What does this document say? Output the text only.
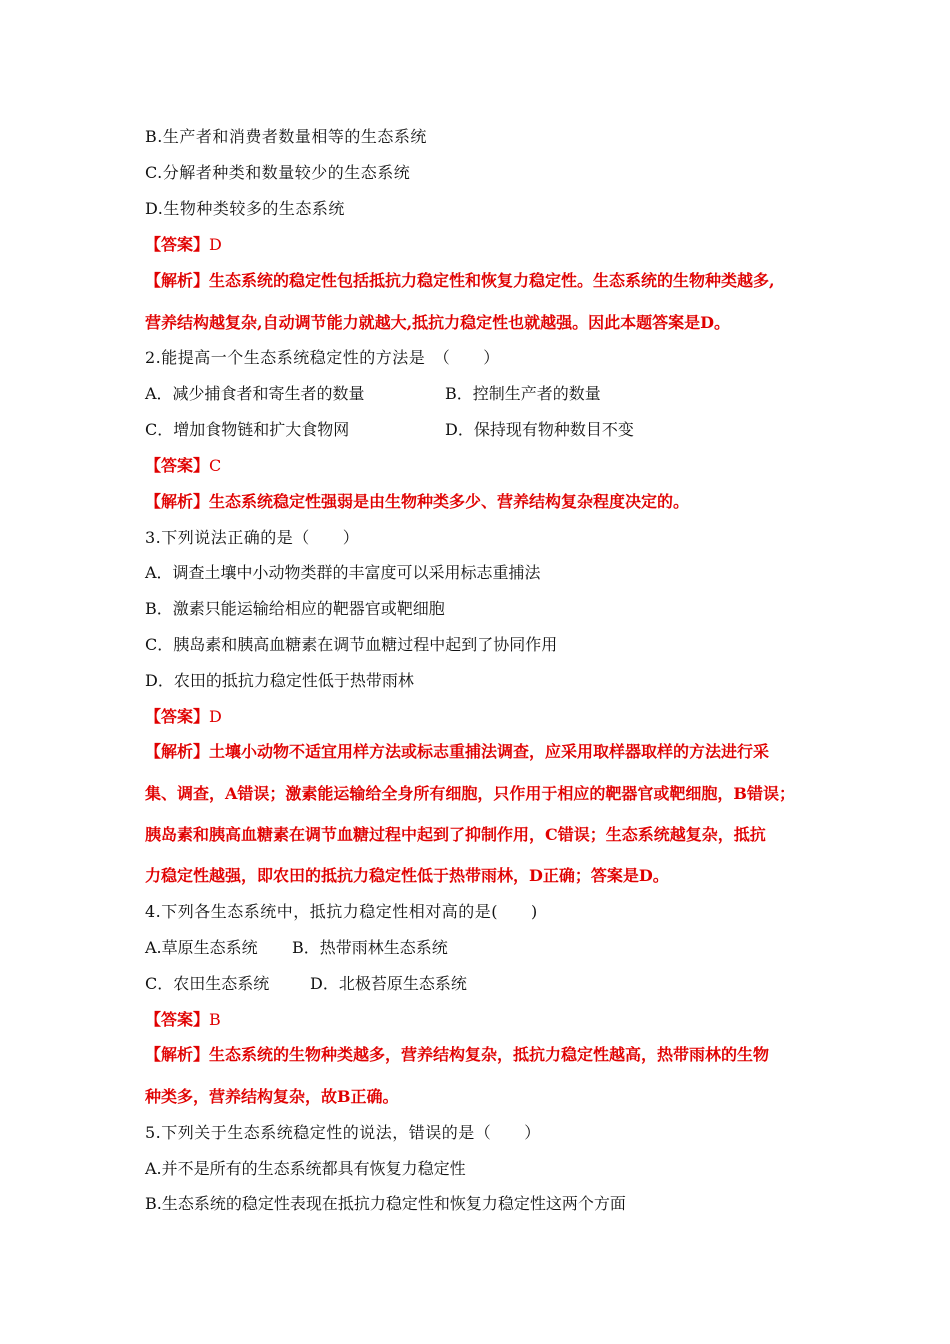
B.生产者和消费者数量相等的生态系统
C.分解者种类和数量较少的生态系统
D.生物种类较多的生态系统
【答案】D
【解析】生态系统的稳定性包括抵抗力稳定性和恢复力稳定性。生态系统的生物种类越多,
营养结构越复杂,自动调节能力就越大,抵抗力稳定性也就越强。因此本题答案是D。
2.能提高一个生态系统稳定性的方法是　（　　）
A．减少捕食者和寄生者的数量	B．控制生产者的数量
C．增加食物链和扩大食物网	D．保持现有物种数目不变
【答案】C
【解析】生态系统稳定性强弱是由生物种类多少、营养结构复杂程度决定的。
3.下列说法正确的是（　　）
A．调查土壤中小动物类群的丰富度可以采用标志重捕法
B．激素只能运输给相应的靶器官或靶细胞
C．胰岛素和胰高血糖素在调节血糖过程中起到了协同作用
D．农田的抵抗力稳定性低于热带雨林
【答案】D
【解析】土壤小动物不适宜用样方法或标志重捕法调查，应采用取样器取样的方法进行采
集、调查，A错误；激素能运输给全身所有细胞，只作用于相应的靶器官或靶细胞，B错误；
胰岛素和胰高血糖素在调节血糖过程中起到了抑制作用，C错误；生态系统越复杂，抵抗
力稳定性越强，即农田的抵抗力稳定性低于热带雨林，D正确；答案是D。
4.下列各生态系统中，抵抗力稳定性相对高的是(　　)
A.草原生态系统 B．热带雨林生态系统
C．农田生态系统	D．北极苔原生态系统
【答案】B
【解析】生态系统的生物种类越多，营养结构复杂，抵抗力稳定性越高，热带雨林的生物
种类多，营养结构复杂，故B正确。
5.下列关于生态系统稳定性的说法，错误的是（　　）
A.并不是所有的生态系统都具有恢复力稳定性
B.生态系统的稳定性表现在抵抗力稳定性和恢复力稳定性这两个方面
